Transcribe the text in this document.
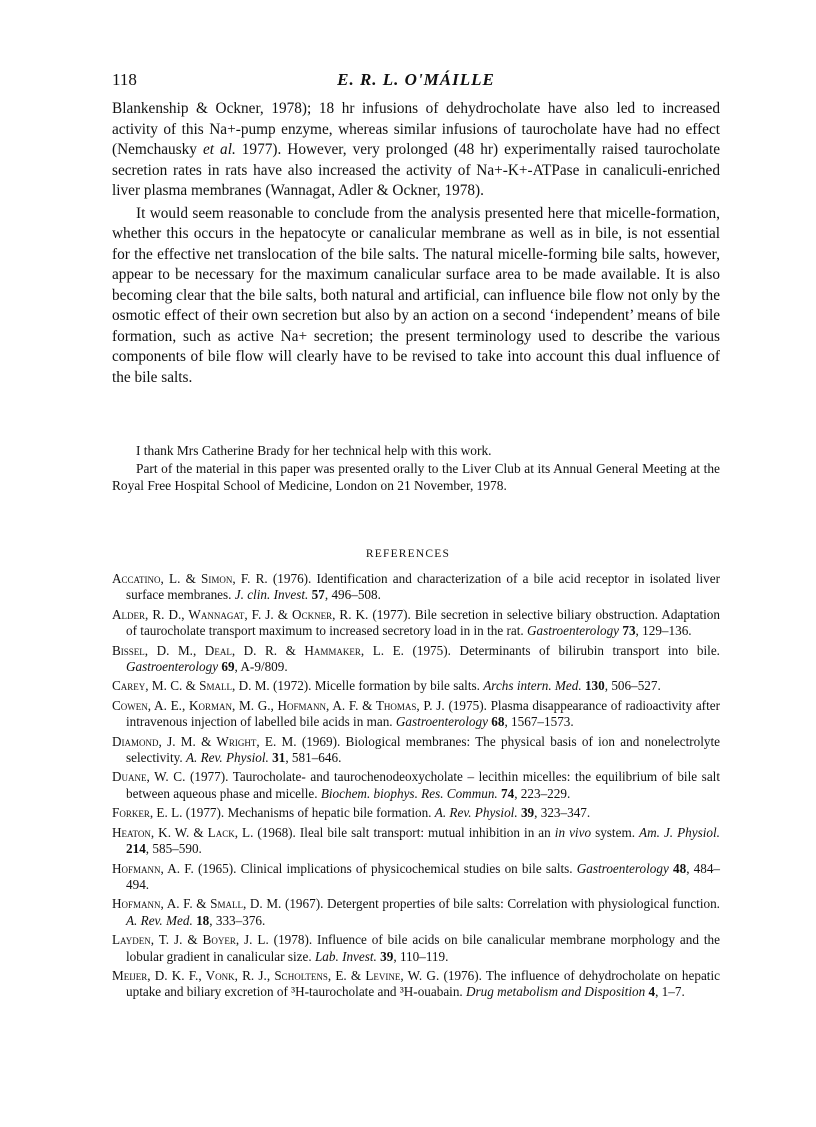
118	E. R. L. O'MÁILLE

Blankenship & Ockner, 1978); 18 hr infusions of dehydrocholate have also led to increased activity of this Na+-pump enzyme, whereas similar infusions of taurocholate have had no effect (Nemchausky et al. 1977). However, very prolonged (48 hr) experimentally raised taurocholate secretion rates in rats have also increased the activity of Na+-K+-ATPase in canaliculi-enriched liver plasma membranes (Wannagat, Adler & Ockner, 1978).

It would seem reasonable to conclude from the analysis presented here that micelle-formation, whether this occurs in the hepatocyte or canalicular membrane as well as in bile, is not essential for the effective net translocation of the bile salts. The natural micelle-forming bile salts, however, appear to be necessary for the maximum canalicular surface area to be made available. It is also becoming clear that the bile salts, both natural and artificial, can influence bile flow not only by the osmotic effect of their own secretion but also by an action on a second ‘independent’ means of bile formation, such as active Na+ secretion; the present terminology used to describe the various components of bile flow will clearly have to be revised to take into account this dual influence of the bile salts.

I thank Mrs Catherine Brady for her technical help with this work.

Part of the material in this paper was presented orally to the Liver Club at its Annual General Meeting at the Royal Free Hospital School of Medicine, London on 21 November, 1978.

REFERENCES

Accatino, L. & Simon, F. R. (1976). Identification and characterization of a bile acid receptor in isolated liver surface membranes. J. clin. Invest. 57, 496–508.

Alder, R. D., Wannagat, F. J. & Ockner, R. K. (1977). Bile secretion in selective biliary obstruction. Adaptation of taurocholate transport maximum to increased secretory load in in the rat. Gastroenterology 73, 129–136.

Bissel, D. M., Deal, D. R. & Hammaker, L. E. (1975). Determinants of bilirubin transport into bile. Gastroenterology 69, A-9/809.

Carey, M. C. & Small, D. M. (1972). Micelle formation by bile salts. Archs intern. Med. 130, 506–527.

Cowen, A. E., Korman, M. G., Hofmann, A. F. & Thomas, P. J. (1975). Plasma disappearance of radioactivity after intravenous injection of labelled bile acids in man. Gastroenterology 68, 1567–1573.

Diamond, J. M. & Wright, E. M. (1969). Biological membranes: The physical basis of ion and nonelectrolyte selectivity. A. Rev. Physiol. 31, 581–646.

Duane, W. C. (1977). Taurocholate- and taurochenodeoxycholate – lecithin micelles: the equilibrium of bile salt between aqueous phase and micelle. Biochem. biophys. Res. Commun. 74, 223–229.

Forker, E. L. (1977). Mechanisms of hepatic bile formation. A. Rev. Physiol. 39, 323–347.

Heaton, K. W. & Lack, L. (1968). Ileal bile salt transport: mutual inhibition in an in vivo system. Am. J. Physiol. 214, 585–590.

Hofmann, A. F. (1965). Clinical implications of physicochemical studies on bile salts. Gastroenterology 48, 484–494.

Hofmann, A. F. & Small, D. M. (1967). Detergent properties of bile salts: Correlation with physiological function. A. Rev. Med. 18, 333–376.

Layden, T. J. & Boyer, J. L. (1978). Influence of bile acids on bile canalicular membrane morphology and the lobular gradient in canalicular size. Lab. Invest. 39, 110–119.

Meijer, D. K. F., Vonk, R. J., Scholtens, E. & Levine, W. G. (1976). The influence of dehydrocholate on hepatic uptake and biliary excretion of ³H-taurocholate and ³H-ouabain. Drug metabolism and Disposition 4, 1–7.
